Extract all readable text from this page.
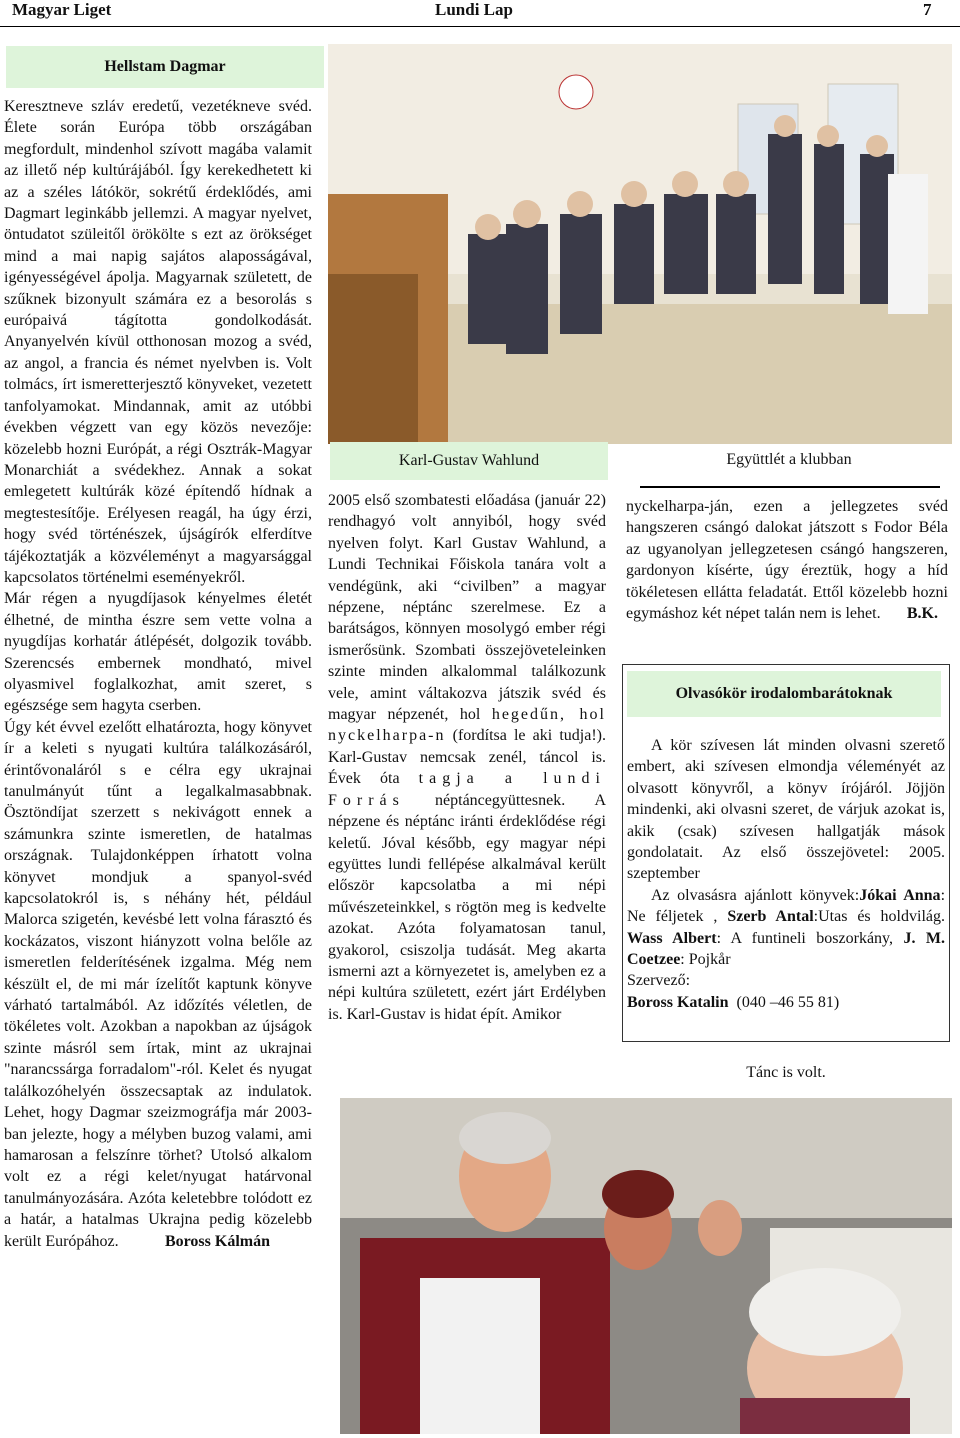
Magyar Liget	Lundi Lap	7
Hellstam Dagmar

Keresztneve szláv eredetű, vezetékneve svéd. Élete során Európa több országában megfordult, mindenhol szívott magába valamit az illető nép kultúrájából. Így kerekedhetett ki az a széles látókör, sokrétű érdeklődés, ami Dagmart leginkább jellemzi. A magyar nyelvet, öntudatot szüleitől örökölte s ezt az örökséget mind a mai napig sajátos alaposságával, igényességével ápolja. Magyarnak született, de szűknek bizonyult számára ez a besorolás s európaivá tágította gondolkodását. Anyanyelvén kívül otthonosan mozog a svéd, az angol, a francia és német nyelvben is. Volt tolmács, írt ismeretterjesztő könyveket, vezetett tanfolyamokat. Mindannak, amit az utóbbi években végzett van egy közös nevezője: közelebb hozni Európát, a régi Osztrák-Magyar Monarchiát a svédekhez. Annak a sokat emlegetett kultúrák közé építendő hídnak a megtestesítője. Erélyesen reagál, ha úgy érzi, hogy svéd történészek, újságírók elferdítve tájékoztatják a közvéleményt a magyarsággal kapcsolatos történelmi eseményekről.

Már régen a nyugdíjasok kényelmes életét élhetné, de mintha észre sem vette volna a nyugdíjas korhatár átlépését, dolgozik tovább. Szerencsés embernek mondható, mivel olyasmivel foglalkozhat, amit szeret, s egészsége sem hagyta cserben.

Úgy két évvel ezelőtt elhatározta, hogy könyvet ír a keleti s nyugati kultúra találkozásáról, érintővonaláról s e célra egy ukrajnai tanulmányút tűnt a legalkalmasabbnak. Ösztöndíjat szerzett s nekivágott ennek a számunkra szinte ismeretlen, de hatalmas országnak. Tulajdonképpen írhatott volna könyvet mondjuk a spanyol-svéd kapcsolatokról is, s néhány hét, például Malorca szigetén, kevésbé lett volna fárasztó és kockázatos, viszont hiányzott volna belőle az ismeretlen felderítésének izgalma. Még nem készült el, de mi már ízelítőt kaptunk könyve várható tartalmából. Az időzítés véletlen, de tökéletes volt. Azokban a napokban az újságok szinte másról sem írtak, mint az ukrajnai "narancssárga forradalom"-ról. Kelet és nyugat találkozóhelyén összecsaptak az indulatok. Lehet, hogy Dagmar szeizmográfja már 2003-ban jelezte, hogy a mélyben buzog valami, ami hamarosan a felszínre törhet? Utolsó alkalom volt ez a régi kelet/nyugat határvonal tanulmányozására. Azóta keletebbre tolódott ez a határ, a hatalmas Ukrajna pedig közelebb került Európához.	Boross Kálmán

Karl-Gustav Wahlund	Együttlét a klubban

2005 első szombatesti előadása (január 22) rendhagyó volt annyiból, hogy svéd nyelven folyt. Karl Gustav Wahlund, a Lundi Technikai Főiskola tanára volt a vendégünk, aki “civilben” a magyar népzene, néptánc szerelmese. Ez a barátságos, könnyen mosolygó ember régi ismerősünk. Szombati összejöveteleinken szinte minden alkalommal találkozunk vele, amint váltakozva játszik svéd és magyar népzenét, hol hegedűn, hol nyckelharpa-n (fordítsa le aki tudja!). Karl-Gustav nemcsak zenél, táncol is. Évek óta tagja a lundi Forrás néptáncegyüttesnek. A népzene és néptánc iránti érdeklődése régi keletű. Jóval később, egy magyar népi együttes lundi fellépése alkalmával került először kapcsolatba a mi népi művészeteinkkel, s rögtön meg is kedvelte azokat. Azóta folyamatosan tanul, gyakorol, csiszolja tudását. Meg akarta ismerni azt a környezetet is, amelyben ez a népi kultúra született, ezért járt Erdélyben is. Karl-Gustav is hidat épít. Amikor

nyckelharpa-ján, ezen a jellegzetes svéd hangszeren csángó dalokat játszott s Fodor Béla az ugyanolyan jellegzetesen csángó hangszeren, gardonyon kísérte, úgy éreztük, hogy a híd tökéletesen ellátta feladatát. Ettől közelebb hozni egymáshoz két népet talán nem is lehet. B.K.

Olvasókör irodalombarátoknak

A kör szívesen lát minden olvasni szerető embert, aki szívesen elmondja véleményét az olvasott könyvről, a könyv írójáról. Jöjjön mindenki, aki olvasni szeret, de várjuk azokat is, akik (csak) szívesen hallgatják mások gondolatait. Az első összejövetel: 2005. szeptember

Az olvasásra ajánlott könyvek:Jókai Anna: Ne féljetek , Szerb Antal:Utas és holdvilág. Wass Albert: A funtineli boszorkány, J. M. Coetzee: Pojkår

Szervező:

Boross Katalin (040 –46 55 81)

Tánc is volt.
